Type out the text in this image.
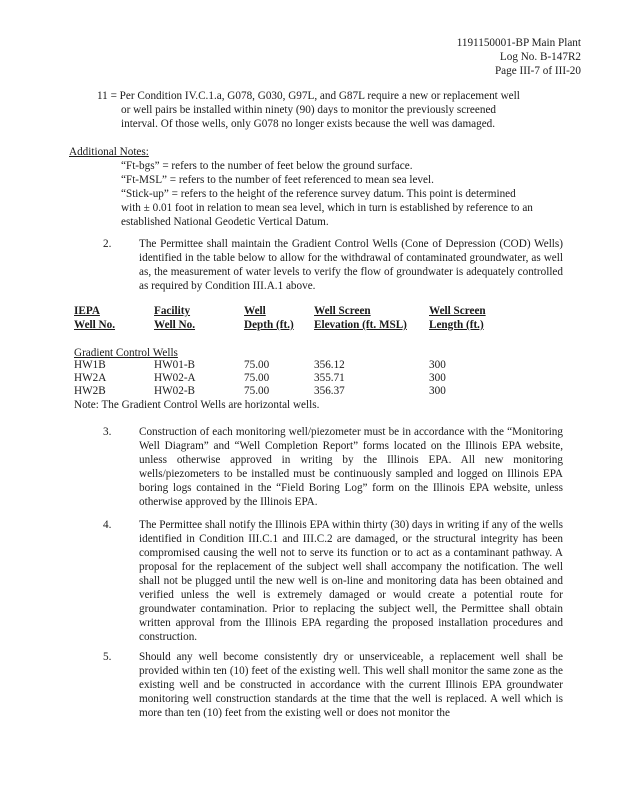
1191150001-BP Main Plant
Log No. B-147R2
Page III-7 of III-20

11 = Per Condition IV.C.1.a, G078, G030, G97L, and G87L require a new or replacement well

or well pairs be installed within ninety (90) days to monitor the previously screened

interval. Of those wells, only G078 no longer exists because the well was damaged.

Additional Notes:
“Ft-bgs” = refers to the number of feet below the ground surface.
“Ft-MSL” = refers to the number of feet referenced to mean sea level.
“Stick-up” = refers to the height of the reference survey datum. This point is determined
with ± 0.01 foot in relation to mean sea level, which in turn is established by reference to an
established National Geodetic Vertical Datum.
2.	The Permittee shall maintain the Gradient Control Wells (Cone of Depression (COD) Wells) identified in the table below to allow for the withdrawal of contaminated groundwater, as well as, the measurement of water levels to verify the flow of groundwater is adequately controlled as required by Condition III.A.1 above.
IEPA	Facility	Well	Well Screen	Well Screen
Well No.	Well No.	Depth (ft.)	Elevation (ft. MSL)	Length (ft.)
Gradient Control Wells
HW1B	HW01-B	75.00	356.12	300
HW2A	HW02-A	75.00	355.71	300
HW2B	HW02-B	75.00	356.37	300
Note: The Gradient Control Wells are horizontal wells.
3.	Construction of each monitoring well/piezometer must be in accordance with the “Monitoring Well Diagram” and “Well Completion Report” forms located on the Illinois EPA website, unless otherwise approved in writing by the Illinois EPA. All new monitoring wells/piezometers to be installed must be continuously sampled and logged on Illinois EPA boring logs contained in the “Field Boring Log” form on the Illinois EPA website, unless otherwise approved by the Illinois EPA.
4.	The Permittee shall notify the Illinois EPA within thirty (30) days in writing if any of the wells identified in Condition III.C.1 and III.C.2 are damaged, or the structural integrity has been compromised causing the well not to serve its function or to act as a contaminant pathway. A proposal for the replacement of the subject well shall accompany the notification. The well shall not be plugged until the new well is on-line and monitoring data has been obtained and verified unless the well is extremely damaged or would create a potential route for groundwater contamination. Prior to replacing the subject well, the Permittee shall obtain written approval from the Illinois EPA regarding the proposed installation procedures and construction.
5.	Should any well become consistently dry or unserviceable, a replacement well shall be provided within ten (10) feet of the existing well. This well shall monitor the same zone as the existing well and be constructed in accordance with the current Illinois EPA groundwater monitoring well construction standards at the time that the well is replaced. A well which is more than ten (10) feet from the existing well or does not monitor the
